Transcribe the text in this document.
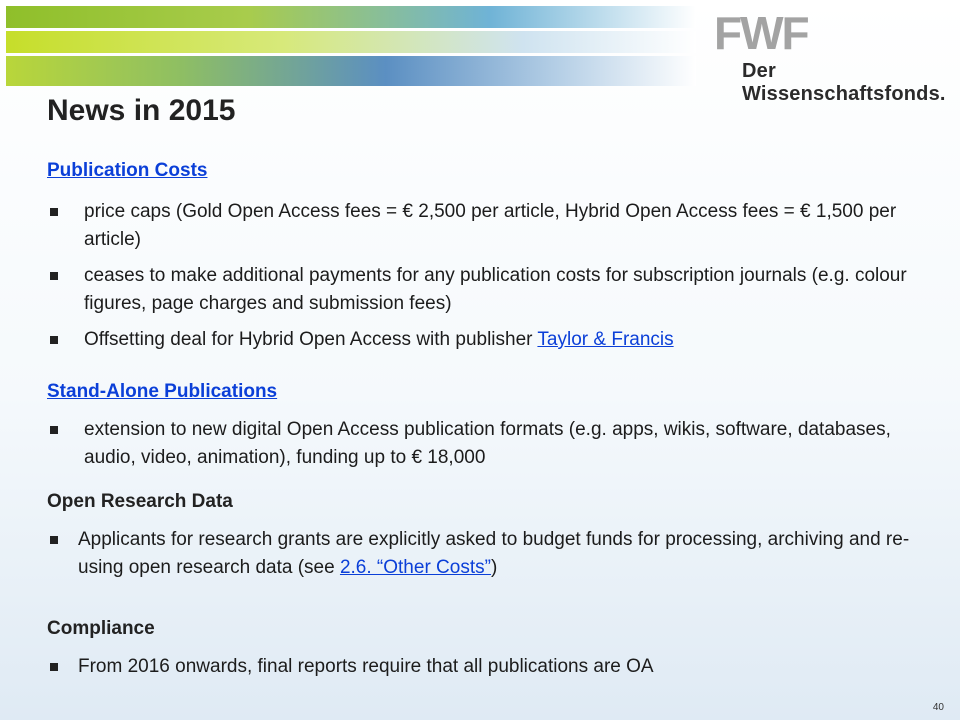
FWF
Der Wissenschaftsfonds.
News in 2015
Publication Costs
price caps (Gold Open Access fees = € 2,500 per article, Hybrid Open Access fees = € 1,500 per article)
ceases to make additional payments for any publication costs for subscription journals (e.g. colour figures, page charges and submission fees)
Offsetting deal for Hybrid Open Access with publisher Taylor & Francis
Stand-Alone Publications
extension to new digital Open Access publication formats (e.g. apps, wikis, software, databases, audio, video, animation), funding up to € 18,000
Open Research Data
Applicants for research grants are explicitly asked to budget funds for processing, archiving and re-using open research data (see 2.6. “Other Costs”)
Compliance
From 2016 onwards, final reports require that all publications are OA
40
